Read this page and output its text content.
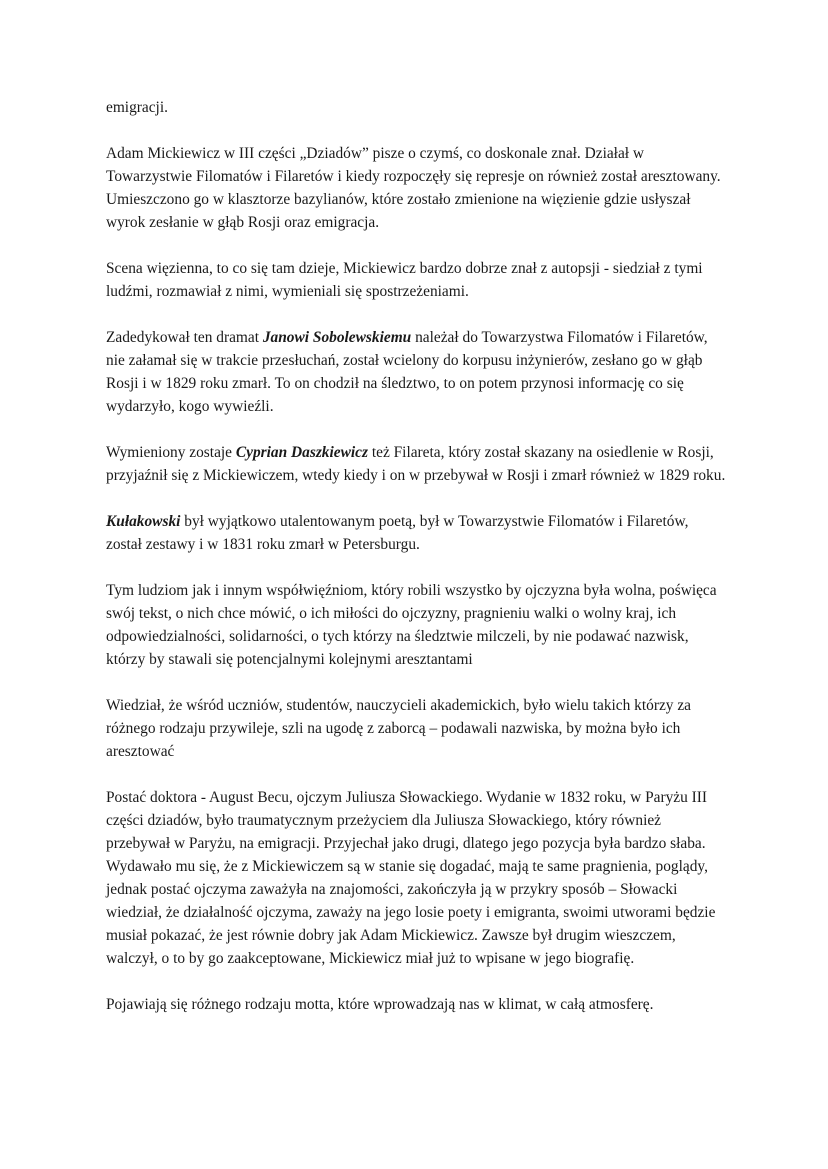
emigracji.

Adam Mickiewicz w III części „Dziadów” pisze o czymś, co doskonale znał. Działał w Towarzystwie Filomatów i Filaretów i kiedy rozpoczęły się represje on również został aresztowany. Umieszczono go w klasztorze bazylianów, które zostało zmienione na więzienie gdzie usłyszał wyrok zesłanie w głąb Rosji oraz emigracja.

Scena więzienna, to co się tam dzieje, Mickiewicz bardzo dobrze znał z autopsji - siedział z tymi ludźmi, rozmawiał z nimi, wymieniali się spostrzeżeniami.

Zadedykował ten dramat Janowi Sobolewskiemu należał do Towarzystwa Filomatów i Filaretów, nie załamał się w trakcie przesłuchań, został wcielony do korpusu inżynierów, zesłano go w głąb Rosji i w 1829 roku zmarł. To on chodził na śledztwo, to on potem przynosi informację co się wydarzyło, kogo wywieźli.

Wymieniony zostaje Cyprian Daszkiewicz też Filareta, który został skazany na osiedlenie w Rosji, przyjaźnił się z Mickiewiczem, wtedy kiedy i on w przebywał w Rosji i zmarł również w 1829 roku.

Kułakowski był wyjątkowo utalentowanym poetą, był w Towarzystwie Filomatów i Filaretów, został zestawy i w 1831 roku zmarł w Petersburgu.

Tym ludziom jak i innym współwięźniom, który robili wszystko by ojczyzna była wolna, poświęca swój tekst, o nich chce mówić, o ich miłości do ojczyzny, pragnieniu walki o wolny kraj, ich odpowiedzialności, solidarności, o tych którzy na śledztwie milczeli, by nie podawać nazwisk, którzy by stawali się potencjalnymi kolejnymi aresztantami

Wiedział, że wśród uczniów, studentów, nauczycieli akademickich, było wielu takich którzy za różnego rodzaju przywileje, szli na ugodę z zaborcą – podawali nazwiska, by można było ich aresztować

Postać doktora - August Becu, ojczym Juliusza Słowackiego. Wydanie w 1832 roku, w Paryżu III części dziadów, było traumatycznym przeżyciem dla Juliusza Słowackiego, który również przebywał w Paryżu, na emigracji. Przyjechał jako drugi, dlatego jego pozycja była bardzo słaba. Wydawało mu się, że z Mickiewiczem są w stanie się dogadać, mają te same pragnienia, poglądy, jednak postać ojczyma zaważyła na znajomości, zakończyła ją w przykry sposób – Słowacki wiedział, że działalność ojczyma, zaważy na jego losie poety i emigranta, swoimi utworami będzie musiał pokazać, że jest równie dobry jak Adam Mickiewicz. Zawsze był drugim wieszczem, walczył, o to by go zaakceptowane, Mickiewicz miał już to wpisane w jego biografię.

Pojawiają się różnego rodzaju motta, które wprowadzają nas w klimat, w całą atmosferę.
